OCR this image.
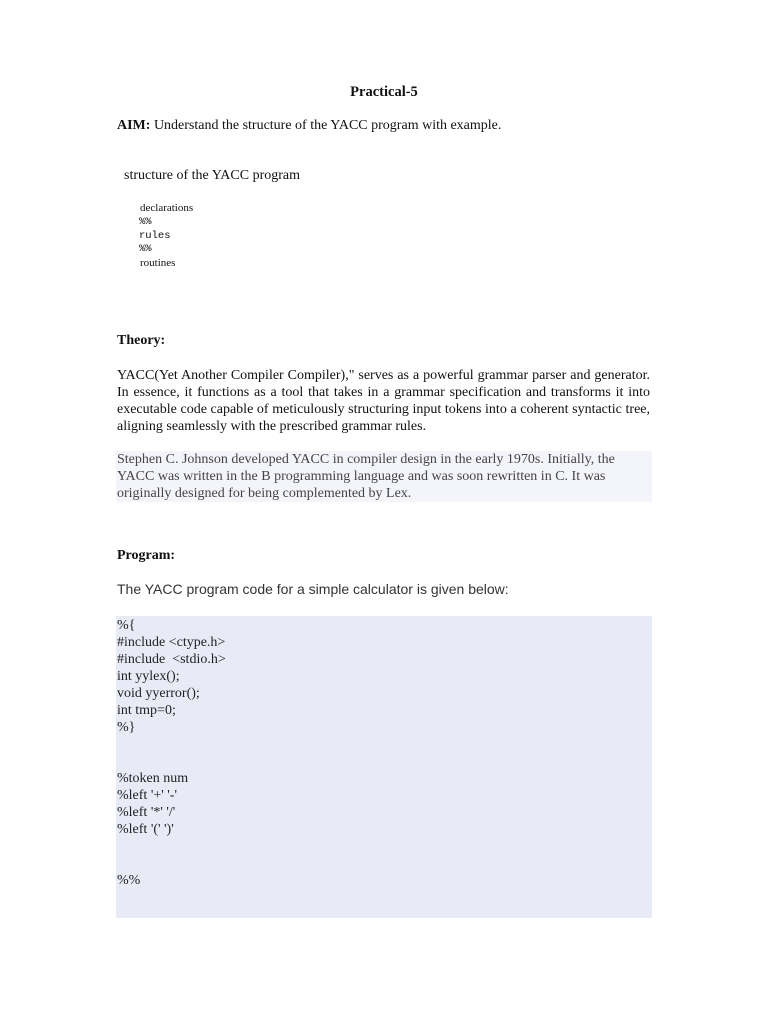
Practical-5
AIM: Understand the structure of the YACC program with example.
structure of the YACC program
declarations
%%
rules
%%
routines
Theory:
YACC(Yet Another Compiler Compiler)," serves as a powerful grammar parser and generator. In essence, it functions as a tool that takes in a grammar specification and transforms it into executable code capable of meticulously structuring input tokens into a coherent syntactic tree, aligning seamlessly with the prescribed grammar rules.
Stephen C. Johnson developed YACC in compiler design in the early 1970s. Initially, the
YACC was written in the B programming language and was soon rewritten in C. It was
originally designed for being complemented by Lex.
Program:
The YACC program code for a simple calculator is given below:
%{
#include <ctype.h>
#include  <stdio.h>
int yylex();
void yyerror();
int tmp=0;
%}
%token num
%left '+' '-'
%left '*' '/'
%left '(' ')'
%%
